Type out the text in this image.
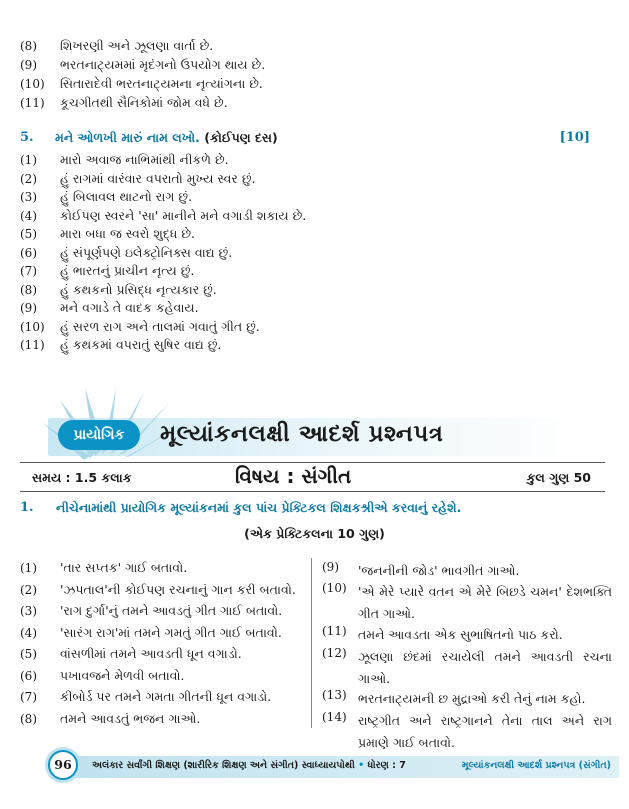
(8)	શિખરણી અને ઝૂલણા વાર્તા છે.
(9)	ભરતનાટ્યમમાં મૃદંગનો ઉપયોગ થાય છે.
(10)	સિતારાદેવી ભરતનાટ્યમના નૃત્યાંગના છે.
(11)	કૂચગીતથી સૈનિકોમાં જોમ વધે છે.
5. મને ઓળખી મારું નામ લખો. (કોઈપણ દસ)	[10]
(1)	મારો અવાજ નાભિમાંથી નીકળે છે.
(2)	હું રાગમાં વારંવાર વપરાતો મુખ્ય સ્વર છું.
(3)	હું બિલાવલ થાટનો રાગ છું.
(4)	કોઈપણ સ્વરને 'સા' માનીને મને વગાડી શકાય છે.
(5)	મારા બધા જ સ્વરો શુદ્ધ છે.
(6)	હું સંપૂર્ણપણે ઇલેક્ટ્રોનિક્સ વાદ્ય છું.
(7)	હું ભારતનું પ્રાચીન નૃત્ય છું.
(8)	હું કથકનો પ્રસિદ્ધ નૃત્યકાર છું.
(9)	મને વગાડે તે વાદક કહેવાય.
(10)	હું સરળ રાગ અને તાલમાં ગવાતું ગીત છું.
(11)	હું કથકમાં વપરાતું સુષિર વાદ્ય છું.
પ્રાયોગિક	મૂલ્યાંકનલક્ષી આદર્શ પ્રશ્નપત્ર
સમય : 1.5 કલાક	વિષય : સંગીત	કુલ ગુણ 50
1. નીચેનામાંથી પ્રાયોગિક મૂલ્યાંકનમાં કુલ પાંચ પ્રેક્ટિકલ શિક્ષકશ્રીએ કરવાનું રહેશે.
(એક પ્રેક્ટિકલના 10 ગુણ)
(1)	'તાર સપ્તક' ગાઈ બતાવો.
(2)	'ઝપતાલ'ની કોઈપણ રચનાનું ગાન કરી બતાવો.
(3)	'રાગ દુર્ગા'નું તમને આવડતું ગીત ગાઈ બતાવો.
(4)	'સારંગ રાગ'માં તમને ગમતું ગીત ગાઈ બતાવો.
(5)	વાંસળીમાં તમને આવડતી ધૂન વગાડો.
(6)	પખાવજને મેળવી બતાવો.
(7)	કીબોર્ડ પર તમને ગમતા ગીતની ધૂન વગાડો.
(8)	તમને આવડતું ભજન ગાઓ.
(9)	'જનનીની જોડ' ભાવગીત ગાઓ.
(10) 'એ મેરે પ્યારે વતન એ મેરે બિછડે ચમન' દેશભક્તિ ગીત ગાઓ.
(11) તમને આવડતા એક સુભાષિતનો પાઠ કરો.
(12) ઝૂલણા છંદમાં રચાયેલી તમને આવડતી રચના ગાઓ.
(13) ભરતનાટ્યમની છ મુદ્રાઓ કરી તેનું નામ કહો.
(14) રાષ્ટ્રગીત અને રાષ્ટ્રગાનને તેના તાલ અને રાગ પ્રમાણે ગાઈ બતાવો.
96	અલંકાર સર્વાંગી શિક્ષણ (શારીરિક શિક્ષણ અને સંગીત) સ્વાધ્યાયપોથી • ધોરણ : 7	મૂલ્યાંકનલક્ષી આદર્શ પ્રશ્નપત્ર (સંગીત)
